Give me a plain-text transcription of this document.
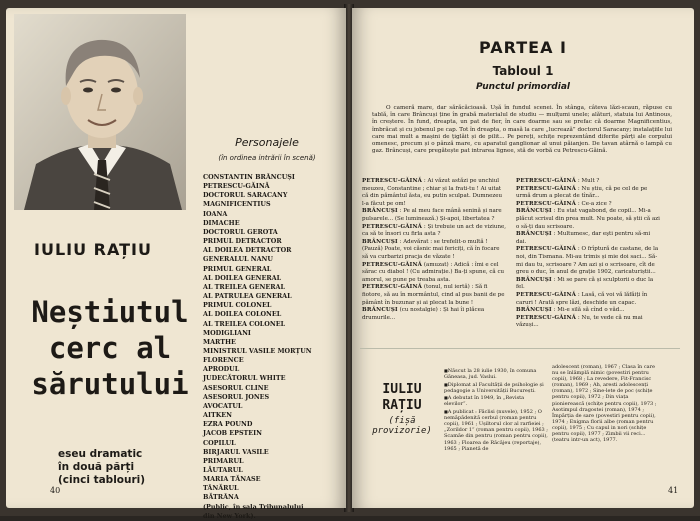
IULIU RAȚIU
Neștiutul
cerc al
sărutului
eseu dramatic
în două părți
(cinci tablouri)
40
Personajele
(în ordinea intrării în scenă)
CONSTANTIN BRÂNCUȘI
PETRESCU-GĂINĂ
DOCTORUL SARACANY
MAGNIFICENTIUS
IOANA
DIMACHE
DOCTORUL GEROTA
PRIMUL DETRACTOR
AL DOILEA DETRACTOR
GENERALUL NANU
PRIMUL GENERAL
AL DOILEA GENERAL
AL TREILEA GENERAL
AL PATRULEA GENERAL
PRIMUL COLONEL
AL DOILEA COLONEL
AL TREILEA COLONEL
MODIGLIANI
MARTHE
MINISTRUL VASILE MORȚUN
FLORENCE
APRODUL
JUDECĂTORUL WHITE
ASESORUL CLINE
ASESORUL JONES
AVOCATUL
AITKEN
EZRA POUND
JACOB EPSTEIN
COPILUL
BIRJARUL VASILE
PRIMARUL
LĂUTARUL
MARIA TĂNASE
TÂNĂRUL
BĂTRÂNA
(Public, în sala Tribunalului
din New York).
PARTEA I
Tabloul 1
Punctul primordial
O cameră mare, dar sărăcăcioasă. Ușă în fundul scenei. În stânga, câteva lăzi-scaun, răpuse cu tablă, în care Brâncuși ține în grabă materialul de studiu — mulțumi unele; alături, statuia lui Antinous, în creștere. În fund, dreapta, un pat de fier, în care doarme sau se prefac că doarme Magnificentius, îmbrăcat și cu jobenul pe cap. Tot în dreapta, o masă la care „lucrează” doctorul Saracany; instalațiile lui care mai mult a mașini de țiglăit și de pilit... Pe pereți, schițe reprezentând diferite părți ale corpului omenesc, precum și o pânză mare, cu aparatul ganglionar al unui păianjen. De tavan atârnă o lampă cu gaz. Brâncuși, care pregătește pat intrarea lignee, stă de vorbă cu Petrescu-Găină.

PETRESCU-GĂINĂ : Ai văzut astăzi pe unchiul meuzeu, Constantine ; chiar și la frati-tu ! Ai uitat că din pământul ăsta, eu putin sculpat. Dumnezeu l-a făcut pe om!

BRÂNCUȘI : Pe al meu face mână senină și nare pulsarele... (Se luminează.) Și-apoi, libertatea ?

PETRESCU-GĂINĂ : Și trebuie un act de viziune, ca să te însori cu firla asta ?

BRÂNCUȘI : Adevărat : se trefelit-o multă ! (Pauză) Poate, voi căsnic mai fericiți, că în focare să va curbarizi pracja de văzate !

PETRESCU-GĂINĂ (amuzat) : Adică : îmi e cel sărac cu diabol ! (Cu admirație.) Ba-ți spune, că cu amorul, se pune pe treaba asta.

PETRESCU-GĂINĂ (tonul, nul iertă) : Să fi fiotore, să au în mormântul, cind al pus banii de pe pământ în buzunar și ai plecat la bune !

BRÂNCUȘI (cu nostalgie) : Și hai îi plăcea drumurile...

PETRESCU-GĂINĂ : Mult ?

PETRESCU-GĂINĂ : Nu știu, că pe cel de pe urmă drum a plecat de tînăr...

PETRESCU-GĂINĂ : Ce-a zice ?

BRÂNCUȘI : Eu stat vagabond, de copil... Mi-a plăcut scrisul din prea mult. Nu poate, să știi că azi o să-ți dau scrisoare.

BRÂNCUȘI : Multumesc, dar eşti pentru să-mi dai.

PETRESCU-GĂINĂ : O frîptură de castane, de la noi, din Tismana. Mi-au trimis și mie doi saci... Să-mi dau tu, scrisoare ? Am azi și o scrisoare, cît de greu o duc, în anul de grație 1902, caricaturiștii...

BRÂNCUȘI : Mi se pare că și sculptorii o duc la fel.

PETRESCU-GĂINĂ : Lasă, că voi vă lăfăiți în caruri ! Arată spre lăzi, deschide un capac.

BRÂNCUȘI : Mi-e silă să cînd o văd...

PETRESCU-GĂINĂ : Nu, te vede că nu mai văzuși...

IULIU RAȚIU
(fișă provizorie)
■ Născut la 28 iulie 1930, în comuna Găneasa, jud. Vaslui.
■ Diplomat al Facultății de psihologie și pedagogie a Universității București.
■ A debutat în 1949, în „Revista elevilor”.
■ A publicat : Făclisi (nuvele), 1952 ; O nemăpădenită cerbul (roman pentru copii), 1961 ; Ușiltorul clor al rarfieiei ; „Zorildor 1” (roman pentru copii), 1963 ; Scamăe din pentru (roman pentru copii), 1963 ; Floarea de Răcăjeu (reportaje), 1965 ; Pianetă de
adolescent (roman), 1967 ; Clasa în care nu se înlâmplă nimic (povestiri pentru copii), 1968 ; La revedere, Fit-Francisc (roman), 1969 ; Ah, aresti adolescenți (roman), 1972 ; Sine-lete de poc (schițe pentru copii), 1972 ; Din viața pionierească (schițe pentru copii), 1973 ; Asotimpul dragostei (roman), 1974 ; Împărția de sare (povestiri pentru copii), 1974 ; Enigma florii albe (roman pentru copii), 1975 ; Cu capul in nori (schițe pentru copii), 1977 ; Zimbii vii reci... (teatru intr-un act), 1977.
41
